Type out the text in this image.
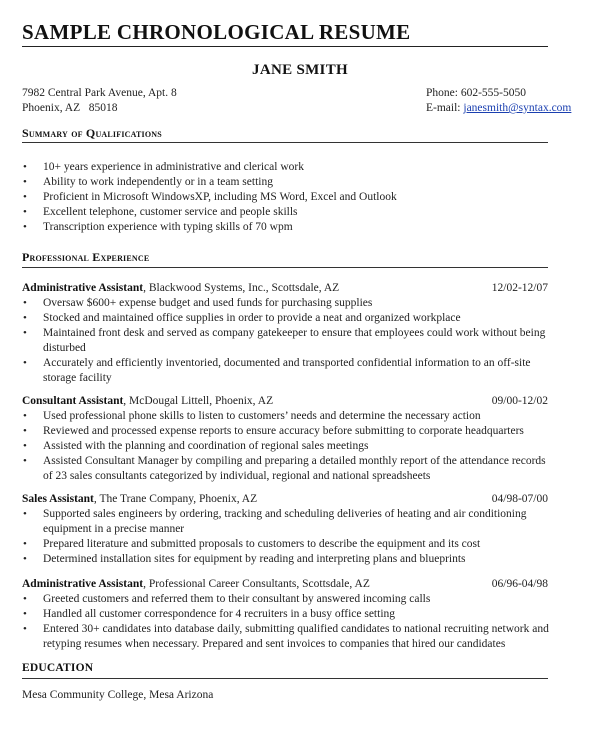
SAMPLE CHRONOLOGICAL RESUME
JANE SMITH
7982 Central Park Avenue, Apt. 8
Phoenix, AZ   85018
Phone: 602-555-5050
E-mail: janesmith@syntax.com
Summary of Qualifications
• 10+ years experience in administrative and clerical work
• Ability to work independently or in a team setting
• Proficient in Microsoft WindowsXP, including MS Word, Excel and Outlook
• Excellent telephone, customer service and people skills
• Transcription experience with typing skills of 70 wpm
Professional Experience
Administrative Assistant, Blackwood Systems, Inc., Scottsdale, AZ	12/02-12/07
• Oversaw $600+ expense budget and used funds for purchasing supplies
• Stocked and maintained office supplies in order to provide a neat and organized workplace
• Maintained front desk and served as company gatekeeper to ensure that employees could work without being disturbed
• Accurately and efficiently inventoried, documented and transported confidential information to an off-site storage facility
Consultant Assistant, McDougal Littell, Phoenix, AZ	09/00-12/02
• Used professional phone skills to listen to customers’ needs and determine the necessary action
• Reviewed and processed expense reports to ensure accuracy before submitting to corporate headquarters
• Assisted with the planning and coordination of regional sales meetings
• Assisted Consultant Manager by compiling and preparing a detailed monthly report of the attendance records of 23 sales consultants categorized by individual, regional and national spreadsheets
Sales Assistant, The Trane Company, Phoenix, AZ	04/98-07/00
• Supported sales engineers by ordering, tracking and scheduling deliveries of heating and air conditioning equipment in a precise manner
• Prepared literature and submitted proposals to customers to describe the equipment and its cost
• Determined installation sites for equipment by reading and interpreting plans and blueprints
Administrative Assistant, Professional Career Consultants, Scottsdale, AZ	06/96-04/98
• Greeted customers and referred them to their consultant by answered incoming calls
• Handled all customer correspondence for 4 recruiters in a busy office setting
• Entered 30+ candidates into database daily, submitting qualified candidates to national recruiting network and retyping resumes when necessary. Prepared and sent invoices to companies that hired our candidates
EDUCATION
Mesa Community College, Mesa Arizona
